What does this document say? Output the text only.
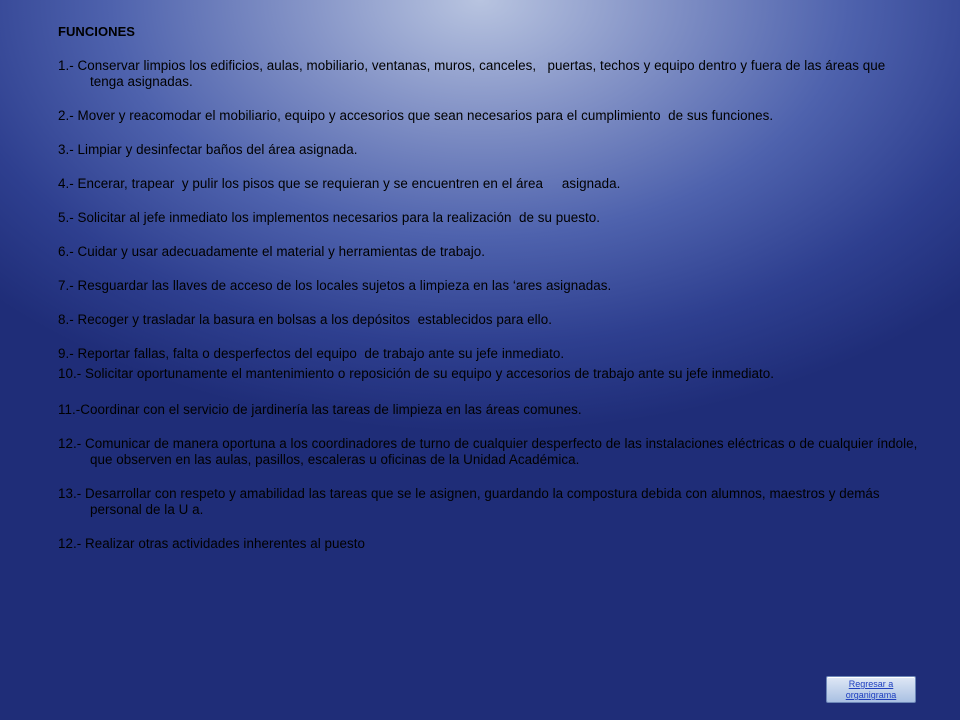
FUNCIONES

1.- Conservar limpios los edificios, aulas, mobiliario, ventanas, muros, canceles,   puertas, techos y equipo dentro y fuera de las áreas que tenga asignadas.

2.- Mover y reacomodar el mobiliario, equipo y accesorios que sean necesarios para el cumplimiento  de sus funciones.

3.- Limpiar y desinfectar baños del área asignada.

4.- Encerar, trapear  y pulir los pisos que se requieran y se encuentren en el área     asignada.

5.- Solicitar al jefe inmediato los implementos necesarios para la realización  de su puesto.

6.- Cuidar y usar adecuadamente el material y herramientas de trabajo.

7.- Resguardar las llaves de acceso de los locales sujetos a limpieza en las ‘ares asignadas.

8.- Recoger y trasladar la basura en bolsas a los depósitos  establecidos para ello.

9.- Reportar fallas, falta o desperfectos del equipo  de trabajo ante su jefe inmediato.

10.- Solicitar oportunamente el mantenimiento o reposición de su equipo y accesorios de trabajo ante su jefe inmediato.

11.-Coordinar con el servicio de jardinería las tareas de limpieza en las áreas comunes.

12.- Comunicar de manera oportuna a los coordinadores de turno de cualquier desperfecto de las instalaciones eléctricas o de cualquier índole, que observen en las aulas, pasillos, escaleras u oficinas de la Unidad Académica.

13.- Desarrollar con respeto y amabilidad las tareas que se le asignen, guardando la compostura debida con alumnos, maestros y demás personal de la U a.

12.- Realizar otras actividades inherentes al puesto

Regresar a
organigrama
